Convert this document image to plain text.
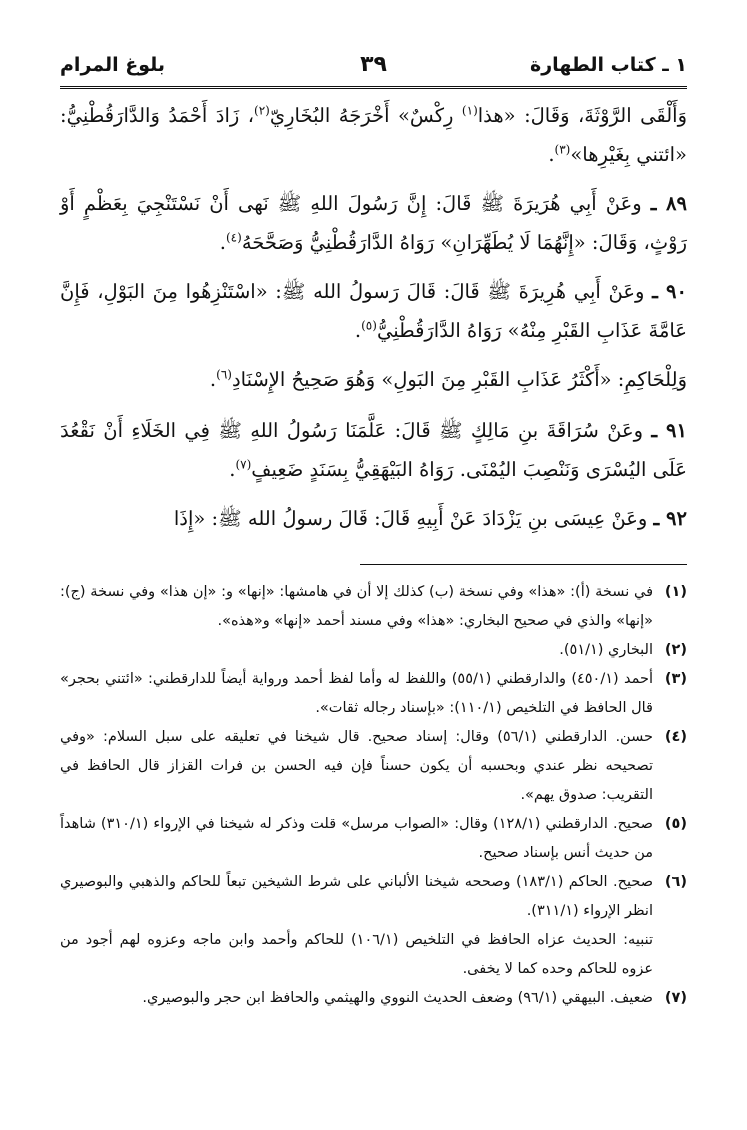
١ ـ كتاب الطهارة
٣٩
بلوغ المرام

وَأَلْقَى الرَّوْثَةَ، وَقَالَ: «هذا$^{(١)}$ رِكْسٌ» أَخْرَجَهُ البُخَارِيّ$^{(٢)}$، زَادَ أَحْمَدُ وَالدَّارَقُطْنِيُّ: «ائتني بِغَيْرِها»$^{(٣)}$.

٨٩ ـ وعَنْ أَبِي هُرَيرَةَ ﷺ قَالَ: إِنَّ رَسُولَ اللهِ ﷺ نَهى أَنْ نَسْتَنْجِيَ بِعَظْمٍ أَوْ رَوْثٍ، وَقَالَ: «إِنَّهُمَا لَا يُطَهِّرَانِ» رَوَاهُ الدَّارَقُطْنِيُّ وَصَحَّحَهُ$^{(٤)}$.

٩٠ ـ وعَنْ أَبِي هُرِيرَةَ ﷺ قَالَ: قَالَ رَسولُ الله ﷺ: «اسْتَنْزِهُوا مِنَ البَوْلِ، فَإِنَّ عَامَّةَ عَذَابِ القَبْرِ مِنْهُ» رَوَاهُ الدَّارَقُطْنِيُّ$^{(٥)}$.

وَلِلْحَاكِمِ: «أَكْثَرُ عَذَابِ القَبْرِ مِنَ البَولِ» وَهُوَ صَحِيحُ الإِسْنَادِ$^{(٦)}$.

٩١ ـ وعَنْ سُرَاقَةَ بنِ مَالِكٍ ﷺ قَالَ: عَلَّمَنَا رَسُولُ اللهِ ﷺ فِي الخَلَاءِ أَنْ نَقْعُدَ عَلَى اليُسْرَى وَنَنْصِبَ اليُمْنَى. رَوَاهُ البَيْهَقِيُّ بِسَنَدٍ ضَعِيفٍ$^{(٧)}$.

٩٢ ـ وعَنْ عِيسَى بنِ يَزْدَادَ عَنْ أَبِيهِ قَالَ: قَالَ رسولُ الله ﷺ: «إِذَا

(١)
في نسخة (أ): «هذا» وفي نسخة (ب) كذلك إلا أن في هامشها: «إنها» و: «إن هذا» وفي نسخة (ج): «إنها» والذي في صحيح البخاري: «هذا» وفي مسند أحمد «إنها» و«هذه».
(٢)
البخاري (٥١/١).
(٣)
أحمد (٤٥٠/١) والدارقطني (٥٥/١) واللفظ له وأما لفظ أحمد ورواية أيضاً للدارقطني: «ائتني بحجر» قال الحافظ في التلخيص (١١٠/١): «بإسناد رجاله ثقات».
(٤)
حسن. الدارقطني (٥٦/١) وقال: إسناد صحيح. قال شيخنا في تعليقه على سبل السلام: «وفي تصحيحه نظر عندي وبحسبه أن يكون حسناً فإن فيه الحسن بن فرات القزاز قال الحافظ في التقريب: صدوق يهم».
(٥)
صحيح. الدارقطني (١٢٨/١) وقال: «الصواب مرسل» قلت وذكر له شيخنا في الإرواء (٣١٠/١) شاهداً من حديث أنس بإسناد صحيح.
(٦)
صحيح. الحاكم (١٨٣/١) وصححه شيخنا الألباني على شرط الشيخين تبعاً للحاكم والذهبي والبوصيري انظر الإرواء (٣١١/١).
تنبيه: الحديث عزاه الحافظ في التلخيص (١٠٦/١) للحاكم وأحمد وابن ماجه وعزوه لهم أجود من عزوه للحاكم وحده كما لا يخفى.
(٧)
ضعيف. البيهقي (٩٦/١) وضعف الحديث النووي والهيثمي والحافظ ابن حجر والبوصيري.
